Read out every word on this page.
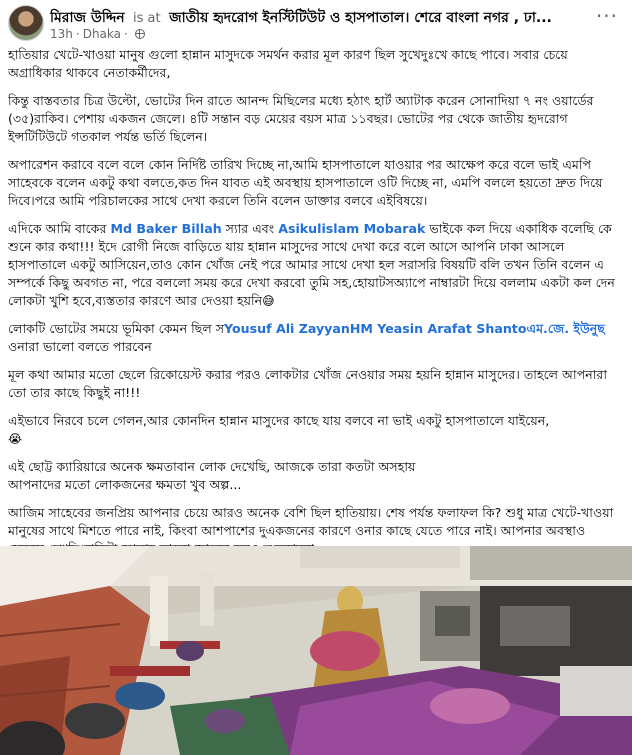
মিরাজ উদ্দিন is at জাতীয় হৃদরোগ ইনস্টিটিউট ও হাসপাতাল। শেরে বাংলা নগর , ঢা...
13h · Dhaka ·
···

হাতিয়ার খেটে-খাওয়া মানুষ গুলো হান্নান মাসুদকে সমর্থন করার মূল কারণ ছিল সুখেদুঃখে কাছে পাবে। সবার চেয়ে অগ্রাধিকার থাকবে নেতাকর্মীদের,

কিন্তু বাস্তবতার চিত্র উল্টো, ভোটের দিন রাতে আনন্দ মিছিলের মধ্যে হঠাৎ হার্ট অ্যাটাক করেন সোনাদিয়া ৭ নং ওয়ার্ডের (৩৫)রাকিব। পেশায় একজন জেলে। ৪টি সন্তান বড় মেয়ের বয়স মাত্র ১১বছর। ভোটের পর থেকে জাতীয় হৃদরোগ ইন্সটিটিউটে গতকাল পর্যন্ত ভর্তি ছিলেন।

অপারেশন করাবে বলে বলে কোন নির্দিষ্ট তারিখ দিচ্ছে না,আমি হাসপাতালে যাওয়ার পর আক্ষেপ করে বলে ভাই এমপি সাহেবকে বলেন একটু কথা বলতে,কত দিন যাবত এই অবস্থায় হাসপাতালে ওটি দিচ্ছে না, এমপি বললে হয়তো দ্রুত দিয়ে দিবে।পরে আমি পরিচালকের সাথে দেখা করলে তিনি বলেন ডাক্তার বলবে এইবিষয়ে।

এদিকে আমি বাকের Md Baker Billah স্যার এবং Asikulislam Mobarak ভাইকে কল দিয়ে একাধিক বলেছি কে শুনে কার কথা!!! ইদে রোগী নিজে বাড়িতে যায় হান্নান মাসুদের সাথে দেখা করে বলে আসে আপনি ঢাকা আসলে হাসপাতালে একটু আসিয়েন,তাও কোন খোঁজ নেই পরে আমার সাথে দেখা হল সরাসরি বিষয়টি বলি তখন তিনি বলেন এ সম্পর্কে কিছু অবগত না, পরে বললো সময় করে দেখা করবো তুমি সহ,হোয়াটসঅ্যাপে নাম্বারটা দিয়ে বললাম একটা কল দেন লোকটা খুশি হবে,ব্যস্ততার কারণে আর দেওয়া হয়নি😅

লোকটি ভোটের সময়ে ভূমিকা কেমন ছিল সYousuf Ali ZayyanHM Yeasin Arafat Shantoএম.জে. ইউনুছ
ওনারা ভালো বলতে পারবেন

মূল কথা আমার মতো ছেলে রিকোয়েস্ট করার পরও লোকটার খোঁজ নেওয়ার সময় হয়নি হান্নান মাসুদের। তাহলে আপনারা তো তার কাছে কিছুই না!!!

এইভাবে নিরবে চলে গেলন,আর কোনদিন হান্নান মাসুদের কাছে যায় বলবে না ভাই একটু হাসপাতালে যাইয়েন,
😭

এই ছোট্ট ক্যারিয়ারে অনেক ক্ষমতাবান লোক দেখেছি, আজকে তারা কতটা অসহায়
আপনাদের মতো লোকজনের ক্ষমতা খুব অল্প...

আজিম সাহেবের জনপ্রিয় আপনার চেয়ে আরও অনেক বেশি ছিল হাতিয়ায়। শেষ পর্যন্ত ফলাফল কি? শুধু মাত্র খেটে-খাওয়া মানুষের সাথে মিশতে পারে নাই, কিংবা আশপাশের দুএকজনের কারণে ওনার কাছে যেতে পারে নাই। আপনার অবস্থাও
